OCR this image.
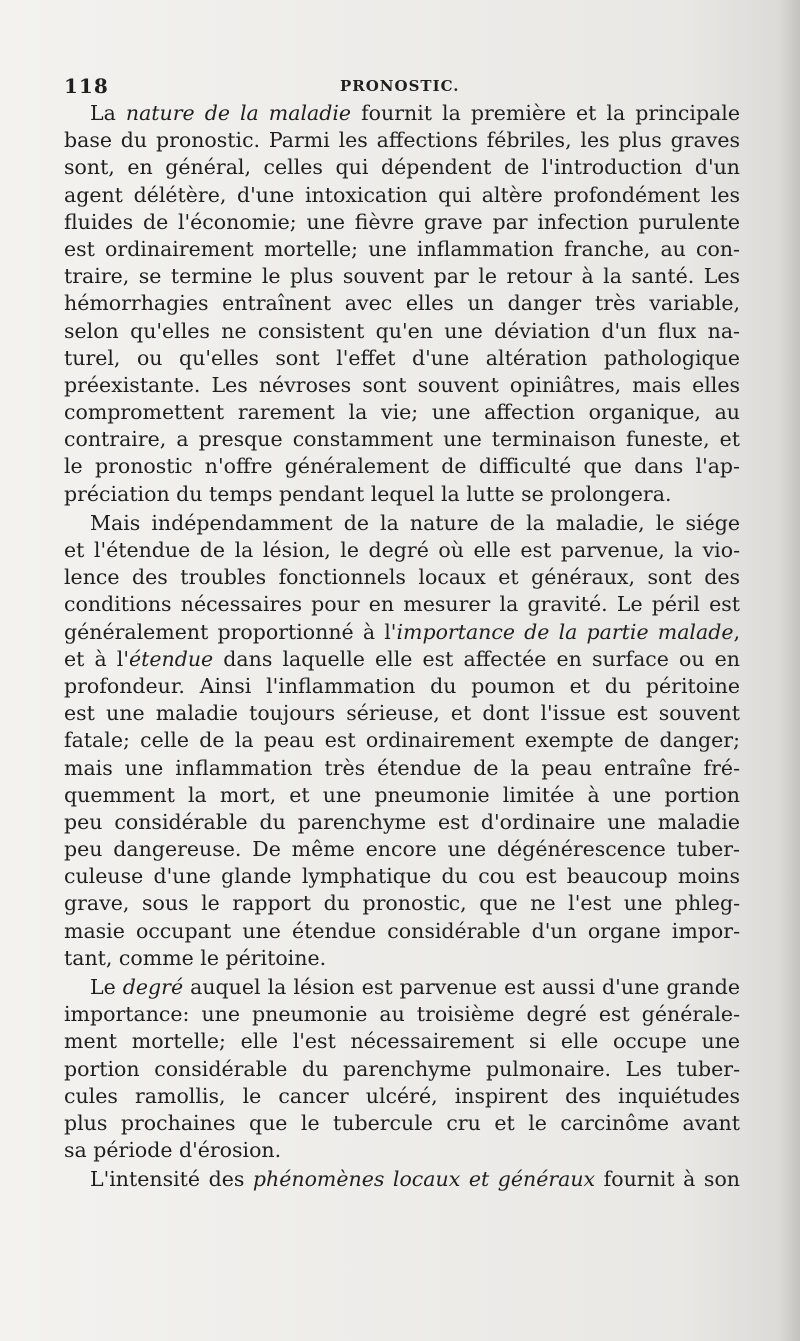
118	PRONOSTIC.
La nature de la maladie fournit la première et la principale
base du pronostic. Parmi les affections fébriles, les plus graves
sont, en général, celles qui dépendent de l'introduction d'un
agent délétère, d'une intoxication qui altère profondément les
fluides de l'économie; une fièvre grave par infection purulente
est ordinairement mortelle; une inflammation franche, au con-
traire, se termine le plus souvent par le retour à la santé. Les
hémorrhagies entraînent avec elles un danger très variable,
selon qu'elles ne consistent qu'en une déviation d'un flux na-
turel, ou qu'elles sont l'effet d'une altération pathologique
préexistante. Les névroses sont souvent opiniâtres, mais elles
compromettent rarement la vie; une affection organique, au
contraire, a presque constamment une terminaison funeste, et
le pronostic n'offre généralement de difficulté que dans l'ap-
préciation du temps pendant lequel la lutte se prolongera.
Mais indépendamment de la nature de la maladie, le siége
et l'étendue de la lésion, le degré où elle est parvenue, la vio-
lence des troubles fonctionnels locaux et généraux, sont des
conditions nécessaires pour en mesurer la gravité. Le péril est
généralement proportionné à l'importance de la partie malade,
et à l'étendue dans laquelle elle est affectée en surface ou en
profondeur. Ainsi l'inflammation du poumon et du péritoine
est une maladie toujours sérieuse, et dont l'issue est souvent
fatale; celle de la peau est ordinairement exempte de danger;
mais une inflammation très étendue de la peau entraîne fré-
quemment la mort, et une pneumonie limitée à une portion
peu considérable du parenchyme est d'ordinaire une maladie
peu dangereuse. De même encore une dégénérescence tuber-
culeuse d'une glande lymphatique du cou est beaucoup moins
grave, sous le rapport du pronostic, que ne l'est une phleg-
masie occupant une étendue considérable d'un organe impor-
tant, comme le péritoine.
Le degré auquel la lésion est parvenue est aussi d'une grande
importance: une pneumonie au troisième degré est générale-
ment mortelle; elle l'est nécessairement si elle occupe une
portion considérable du parenchyme pulmonaire. Les tuber-
cules ramollis, le cancer ulcéré, inspirent des inquiétudes
plus prochaines que le tubercule cru et le carcinôme avant
sa période d'érosion.
L'intensité des phénomènes locaux et généraux fournit à son
